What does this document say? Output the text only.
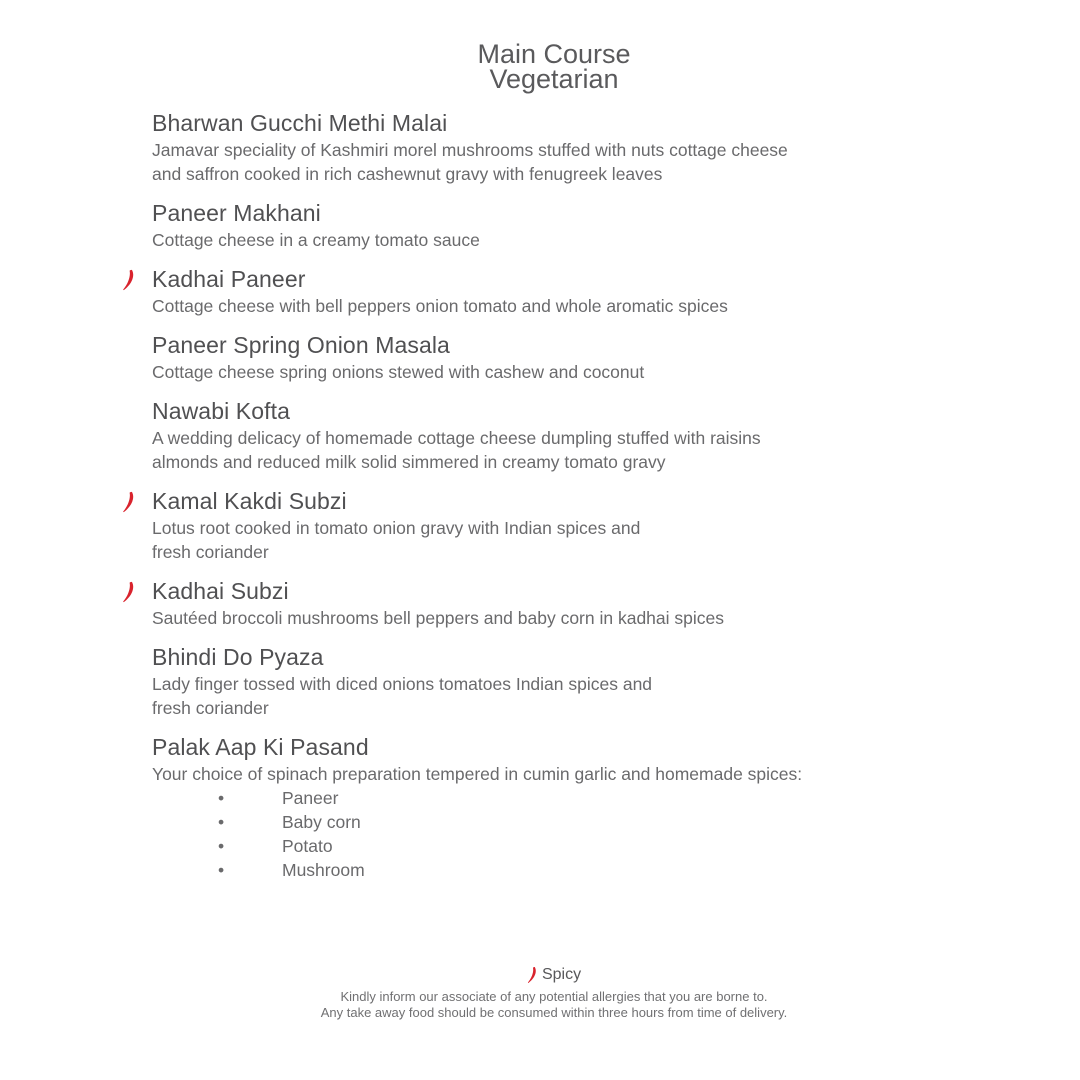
Main Course
Vegetarian
Bharwan Gucchi Methi Malai
Jamavar speciality of Kashmiri morel mushrooms stuffed with nuts cottage cheese
and saffron cooked in rich cashewnut gravy with fenugreek leaves
Paneer Makhani
Cottage cheese in a creamy tomato sauce
Kadhai Paneer
Cottage cheese with bell peppers onion tomato and whole aromatic spices
Paneer Spring Onion Masala
Cottage cheese spring onions stewed with cashew and coconut
Nawabi Kofta
A wedding delicacy of homemade cottage cheese dumpling stuffed with raisins
almonds and reduced milk solid simmered in creamy tomato gravy
Kamal Kakdi Subzi
Lotus root cooked in tomato onion gravy with Indian spices and
fresh coriander
Kadhai Subzi
Sautéed broccoli mushrooms bell peppers and baby corn in kadhai spices
Bhindi Do Pyaza
Lady finger tossed with diced onions tomatoes Indian spices and
fresh coriander
Palak Aap Ki Pasand
Your choice of spinach preparation tempered in cumin garlic and homemade spices:
•	Paneer
•	Baby corn
•	Potato
•	Mushroom
Spicy
Kindly inform our associate of any potential allergies that you are borne to.
Any take away food should be consumed within three hours from time of delivery.
